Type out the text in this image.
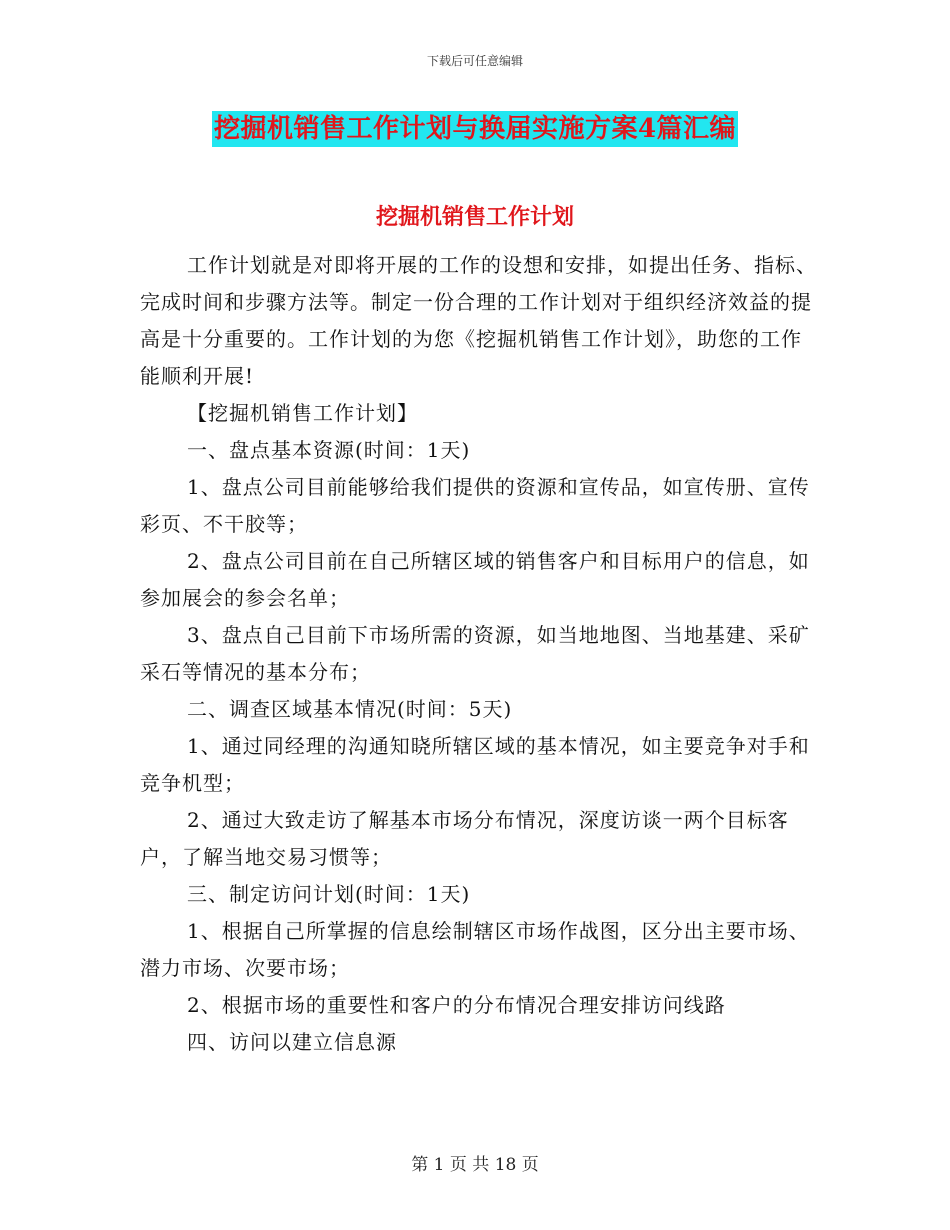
下载后可任意编辑
挖掘机销售工作计划与换届实施方案4篇汇编
挖掘机销售工作计划

工作计划就是对即将开展的工作的设想和安排，如提出任务、指标、完成时间和步骤方法等。制定一份合理的工作计划对于组织经济效益的提高是十分重要的。工作计划的为您《挖掘机销售工作计划》，助您的工作能顺利开展!

【挖掘机销售工作计划】

一、盘点基本资源(时间：1天)

1、盘点公司目前能够给我们提供的资源和宣传品，如宣传册、宣传彩页、不干胶等；

2、盘点公司目前在自己所辖区域的销售客户和目标用户的信息，如参加展会的参会名单；

3、盘点自己目前下市场所需的资源，如当地地图、当地基建、采矿采石等情况的基本分布；

二、调查区域基本情况(时间：5天)

1、通过同经理的沟通知晓所辖区域的基本情况，如主要竞争对手和竞争机型；

2、通过大致走访了解基本市场分布情况，深度访谈一两个目标客户，了解当地交易习惯等；

三、制定访问计划(时间：1天)

1、根据自己所掌握的信息绘制辖区市场作战图，区分出主要市场、潜力市场、次要市场；

2、根据市场的重要性和客户的分布情况合理安排访问线路

四、访问以建立信息源

第 1 页 共 18 页
